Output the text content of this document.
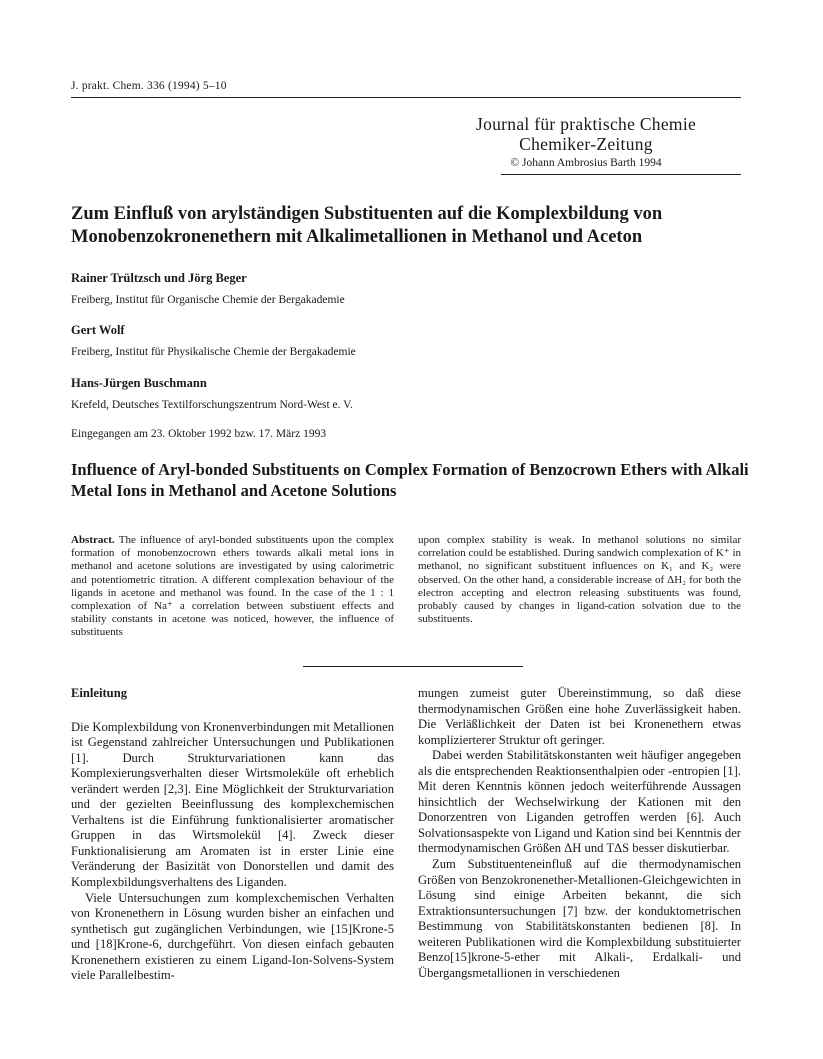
J. prakt. Chem. 336 (1994) 5–10
Journal für praktische Chemie
Chemiker-Zeitung
© Johann Ambrosius Barth 1994
Zum Einfluß von arylständigen Substituenten auf die Komplexbildung von Monobenzokronenethern mit Alkalimetallionen in Methanol und Aceton
Rainer Trültzsch und Jörg Beger
Freiberg, Institut für Organische Chemie der Bergakademie
Gert Wolf
Freiberg, Institut für Physikalische Chemie der Bergakademie
Hans-Jürgen Buschmann
Krefeld, Deutsches Textilforschungszentrum Nord-West e. V.
Eingegangen am 23. Oktober 1992 bzw. 17. März 1993
Influence of Aryl-bonded Substituents on Complex Formation of Benzocrown Ethers with Alkali Metal Ions in Methanol and Acetone Solutions
Abstract. The influence of aryl-bonded substituents upon the complex formation of monobenzocrown ethers towards alkali metal ions in methanol and acetone solutions are investigated by using calorimetric and potentiometric titration. A different complexation behaviour of the ligands in acetone and methanol was found. In the case of the 1 : 1 complexation of Na⁺ a correlation between substiuent effects and stability constants in acetone was noticed, however, the influence of substituents
upon complex stability is weak. In methanol solutions no similar correlation could be established. During sandwich complexation of K⁺ in methanol, no significant substituent influences on K₁ and K₂ were observed. On the other hand, a considerable increase of ΔH₂ for both the electron accepting and electron releasing substituents was found, probably caused by changes in ligand-cation solvation due to the substituents.

Einleitung

Die Komplexbildung von Kronenverbindungen mit Metallionen ist Gegenstand zahlreicher Untersuchungen und Publikationen [1]. Durch Strukturvariationen kann das Komplexierungsverhalten dieser Wirtsmoleküle oft erheblich verändert werden [2,3]. Eine Möglichkeit der Strukturvariation und der gezielten Beeinflussung des komplexchemischen Verhaltens ist die Einführung funktionalisierter aromatischer Gruppen in das Wirtsmolekül [4]. Zweck dieser Funktionalisierung am Aromaten ist in erster Linie eine Veränderung der Basizität von Donorstellen und damit des Komplexbildungsverhaltens des Liganden.

Viele Untersuchungen zum komplexchemischen Verhalten von Kronenethern in Lösung wurden bisher an einfachen und synthetisch gut zugänglichen Verbindungen, wie [15]Krone-5 und [18]Krone-6, durchgeführt. Von diesen einfach gebauten Kronenethern existieren zu einem Ligand-Ion-Solvens-System viele Parallelbestim-

mungen zumeist guter Übereinstimmung, so daß diese thermodynamischen Größen eine hohe Zuverlässigkeit haben. Die Verläßlichkeit der Daten ist bei Kronenethern etwas komplizierterer Struktur oft geringer.

Dabei werden Stabilitätskonstanten weit häufiger angegeben als die entsprechenden Reaktionsenthalpien oder -entropien [1]. Mit deren Kenntnis können jedoch weiterführende Aussagen hinsichtlich der Wechselwirkung der Kationen mit den Donorzentren von Liganden getroffen werden [6]. Auch Solvationsaspekte von Ligand und Kation sind bei Kenntnis der thermodynamischen Größen ΔH und TΔS besser diskutierbar.

Zum Substituenteneinfluß auf die thermodynamischen Größen von Benzokronenether-Metallionen-Gleichgewichten in Lösung sind einige Arbeiten bekannt, die sich Extraktionsuntersuchungen [7] bzw. der konduktometrischen Bestimmung von Stabilitätskonstanten bedienen [8]. In weiteren Publikationen wird die Komplexbildung substituierter Benzo[15]krone-5-ether mit Alkali-, Erdalkali- und Übergangsmetallionen in verschiedenen
